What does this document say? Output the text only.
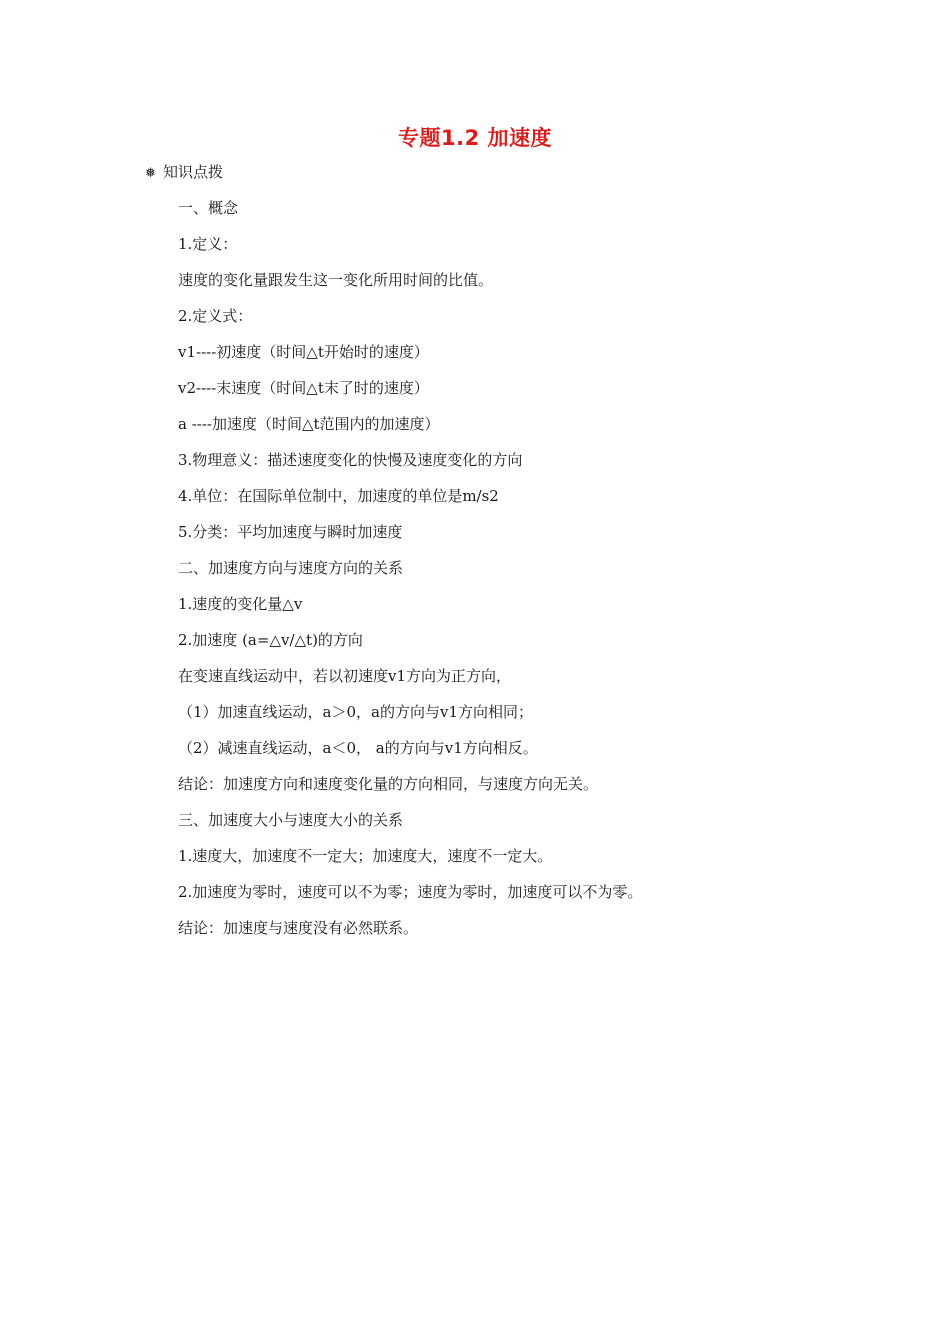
专题1.2 加速度
❅ 知识点拨
一、概念
1.定义：
速度的变化量跟发生这一变化所用时间的比值。
2.定义式：
v1----初速度（时间△t开始时的速度）
v2----末速度（时间△t末了时的速度）
a ----加速度（时间△t范围内的加速度）
3.物理意义：描述速度变化的快慢及速度变化的方向
4.单位：在国际单位制中，加速度的单位是m/s2
5.分类：平均加速度与瞬时加速度
二、加速度方向与速度方向的关系
1.速度的变化量△v
2.加速度 (a=△v/△t)的方向
在变速直线运动中，若以初速度v1方向为正方向，
（1）加速直线运动，a＞0，a的方向与v1方向相同；
（2）减速直线运动，a＜0， a的方向与v1方向相反。
结论：加速度方向和速度变化量的方向相同，与速度方向无关。
三、加速度大小与速度大小的关系
1.速度大，加速度不一定大；加速度大，速度不一定大。
2.加速度为零时，速度可以不为零；速度为零时，加速度可以不为零。
结论：加速度与速度没有必然联系。
